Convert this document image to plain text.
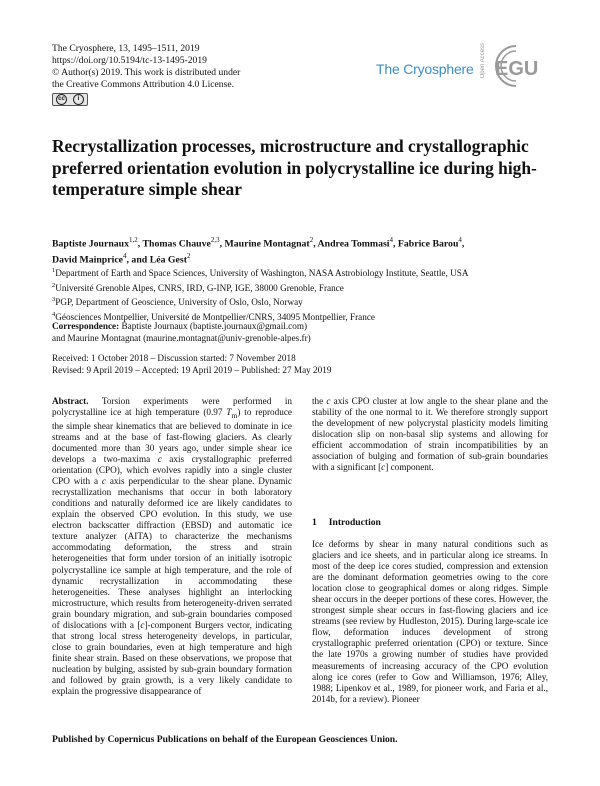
The Cryosphere, 13, 1495–1511, 2019
https://doi.org/10.5194/tc-13-1495-2019
© Author(s) 2019. This work is distributed under
the Creative Commons Attribution 4.0 License.
cc	i
The Cryosphere Open Access EGU
Recrystallization processes, microstructure and crystallographic preferred orientation evolution in polycrystalline ice during high-temperature simple shear
Baptiste Journaux$^{1,2}$, Thomas Chauve$^{2,3}$, Maurine Montagnat$^2$, Andrea Tommasi$^4$, Fabrice Barou$^4$,
David Mainprice$^4$, and Léa Gest$^2$
$^1$Department of Earth and Space Sciences, University of Washington, NASA Astrobiology Institute, Seattle, USA
$^2$Université Grenoble Alpes, CNRS, IRD, G-INP, IGE, 38000 Grenoble, France
$^3$PGP, Department of Geoscience, University of Oslo, Oslo, Norway
$^4$Géosciences Montpellier, Université de Montpellier/CNRS, 34095 Montpellier, France
Correspondence: Baptiste Journaux (baptiste.journaux@gmail.com)
and Maurine Montagnat (maurine.montagnat@univ-grenoble-alpes.fr)
Received: 1 October 2018 – Discussion started: 7 November 2018
Revised: 9 April 2019 – Accepted: 19 April 2019 – Published: 27 May 2019

Abstract. Torsion experiments were performed in polycrystalline ice at high temperature (0.97 $T_m$) to reproduce the simple shear kinematics that are believed to dominate in ice streams and at the base of fast-flowing glaciers. As clearly documented more than 30 years ago, under simple shear ice develops a two-maxima c axis crystallographic preferred orientation (CPO), which evolves rapidly into a single cluster CPO with a c axis perpendicular to the shear plane. Dynamic recrystallization mechanisms that occur in both laboratory conditions and naturally deformed ice are likely candidates to explain the observed CPO evolution. In this study, we use electron backscatter diffraction (EBSD) and automatic ice texture analyzer (AITA) to characterize the mechanisms accommodating deformation, the stress and strain heterogeneities that form under torsion of an initially isotropic polycrystalline ice sample at high temperature, and the role of dynamic recrystallization in accommodating these heterogeneities. These analyses highlight an interlocking microstructure, which results from heterogeneity-driven serrated grain boundary migration, and sub-grain boundaries composed of dislocations with a [c]-component Burgers vector, indicating that strong local stress heterogeneity develops, in particular, close to grain boundaries, even at high temperature and high finite shear strain. Based on these observations, we propose that nucleation by bulging, assisted by sub-grain boundary formation and followed by grain growth, is a very likely candidate to explain the progressive disappearance of

the c axis CPO cluster at low angle to the shear plane and the stability of the one normal to it. We therefore strongly support the development of new polycrystal plasticity models limiting dislocation slip on non-basal slip systems and allowing for efficient accommodation of strain incompatibilities by an association of bulging and formation of sub-grain boundaries with a significant [c] component.

1 Introduction

Ice deforms by shear in many natural conditions such as glaciers and ice sheets, and in particular along ice streams. In most of the deep ice cores studied, compression and extension are the dominant deformation geometries owing to the core location close to geographical domes or along ridges. Simple shear occurs in the deeper portions of these cores. However, the strongest simple shear occurs in fast-flowing glaciers and ice streams (see review by Hudleston, 2015). During large-scale ice flow, deformation induces development of strong crystallographic preferred orientation (CPO) or texture. Since the late 1970s a growing number of studies have provided measurements of increasing accuracy of the CPO evolution along ice cores (refer to Gow and Williamson, 1976; Alley, 1988; Lipenkov et al., 1989, for pioneer work, and Faria et al., 2014b, for a review). Pioneer

Published by Copernicus Publications on behalf of the European Geosciences Union.
